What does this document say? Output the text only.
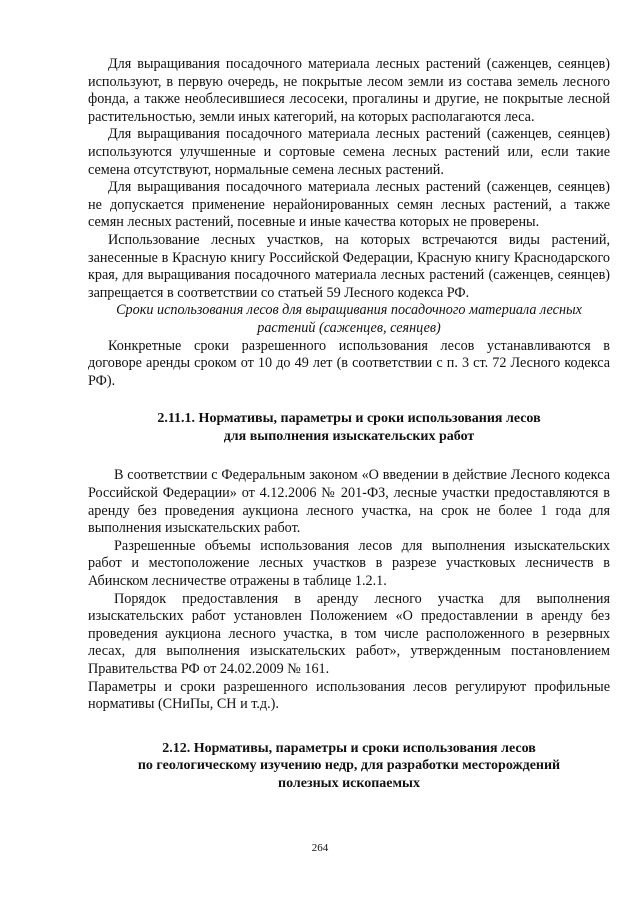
Для выращивания посадочного материала лесных растений (саженцев, сеянцев) используют, в первую очередь, не покрытые лесом земли из состава земель лесного фонда, а также необлесившиеся лесосеки, прогалины и другие, не покрытые лесной растительностью, земли иных категорий, на которых располагаются леса.

Для выращивания посадочного материала лесных растений (саженцев, сеянцев) используются улучшенные и сортовые семена лесных растений или, если такие семена отсутствуют, нормальные семена лесных растений.

Для выращивания посадочного материала лесных растений (саженцев, сеянцев) не допускается применение нерайонированных семян лесных растений, а также семян лесных растений, посевные и иные качества которых не проверены.

Использование лесных участков, на которых встречаются виды растений, занесенные в Красную книгу Российской Федерации, Красную книгу Краснодарского края, для выращивания посадочного материала лесных растений (саженцев, сеянцев) запрещается в соответствии со статьей 59 Лесного кодекса РФ.

Сроки использования лесов для выращивания посадочного материала лесных растений (саженцев, сеянцев)

Конкретные сроки разрешенного использования лесов устанавливаются в договоре аренды сроком от 10 до 49 лет (в соответствии с п. 3 ст. 72 Лесного кодекса РФ).

2.11.1. Нормативы, параметры и сроки использования лесов
для выполнения изыскательских работ

В соответствии с Федеральным законом «О введении в действие Лесного кодекса Российской Федерации» от 4.12.2006 № 201-ФЗ, лесные участки предоставляются в аренду без проведения аукциона лесного участка, на срок не более 1 года для выполнения изыскательских работ.

Разрешенные объемы использования лесов для выполнения изыскательских работ и местоположение лесных участков в разрезе участковых лесничеств в Абинском лесничестве отражены в таблице 1.2.1.

Порядок предоставления в аренду лесного участка для выполнения изыскательских работ установлен Положением «О предоставлении в аренду без проведения аукциона лесного участка, в том числе расположенного в резервных лесах, для выполнения изыскательских работ», утвержденным постановлением Правительства РФ от 24.02.2009 № 161.

Параметры и сроки разрешенного использования лесов регулируют профильные нормативы (СНиПы, СН и т.д.).

2.12. Нормативы, параметры и сроки использования лесов
по геологическому изучению недр, для разработки месторождений
полезных ископаемых
264
